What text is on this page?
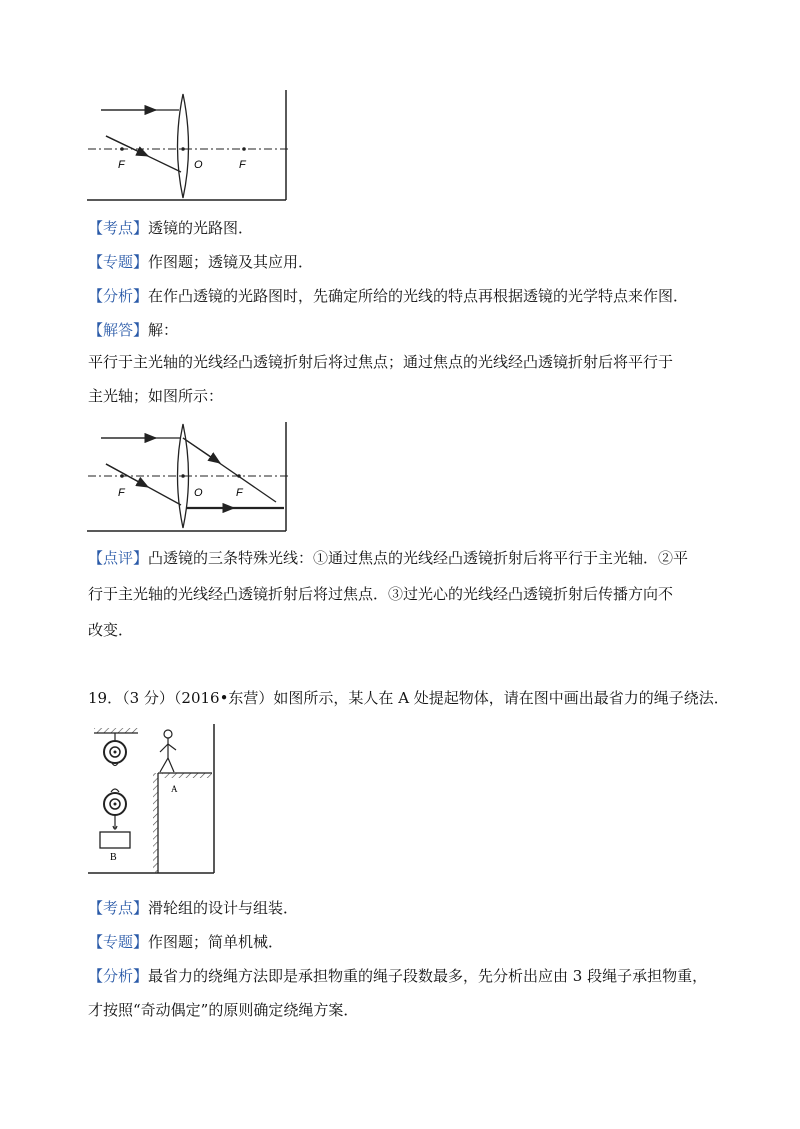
F	O	F
【考点】透镜的光路图．
【专题】作图题；透镜及其应用．
【分析】在作凸透镜的光路图时，先确定所给的光线的特点再根据透镜的光学特点来作图．
【解答】解：
平行于主光轴的光线经凸透镜折射后将过焦点；通过焦点的光线经凸透镜折射后将平行于
主光轴；如图所示：
F	O	F
【点评】凸透镜的三条特殊光线：①通过焦点的光线经凸透镜折射后将平行于主光轴．②平
行于主光轴的光线经凸透镜折射后将过焦点．③过光心的光线经凸透镜折射后传播方向不
改变．
19．（3 分）（2016•东营）如图所示，某人在 A 处提起物体，请在图中画出最省力的绳子绕法．
B
A
【考点】滑轮组的设计与组装．
【专题】作图题；简单机械．
【分析】最省力的绕绳方法即是承担物重的绳子段数最多，先分析出应由 3 段绳子承担物重，
才按照“奇动偶定”的原则确定绕绳方案．
